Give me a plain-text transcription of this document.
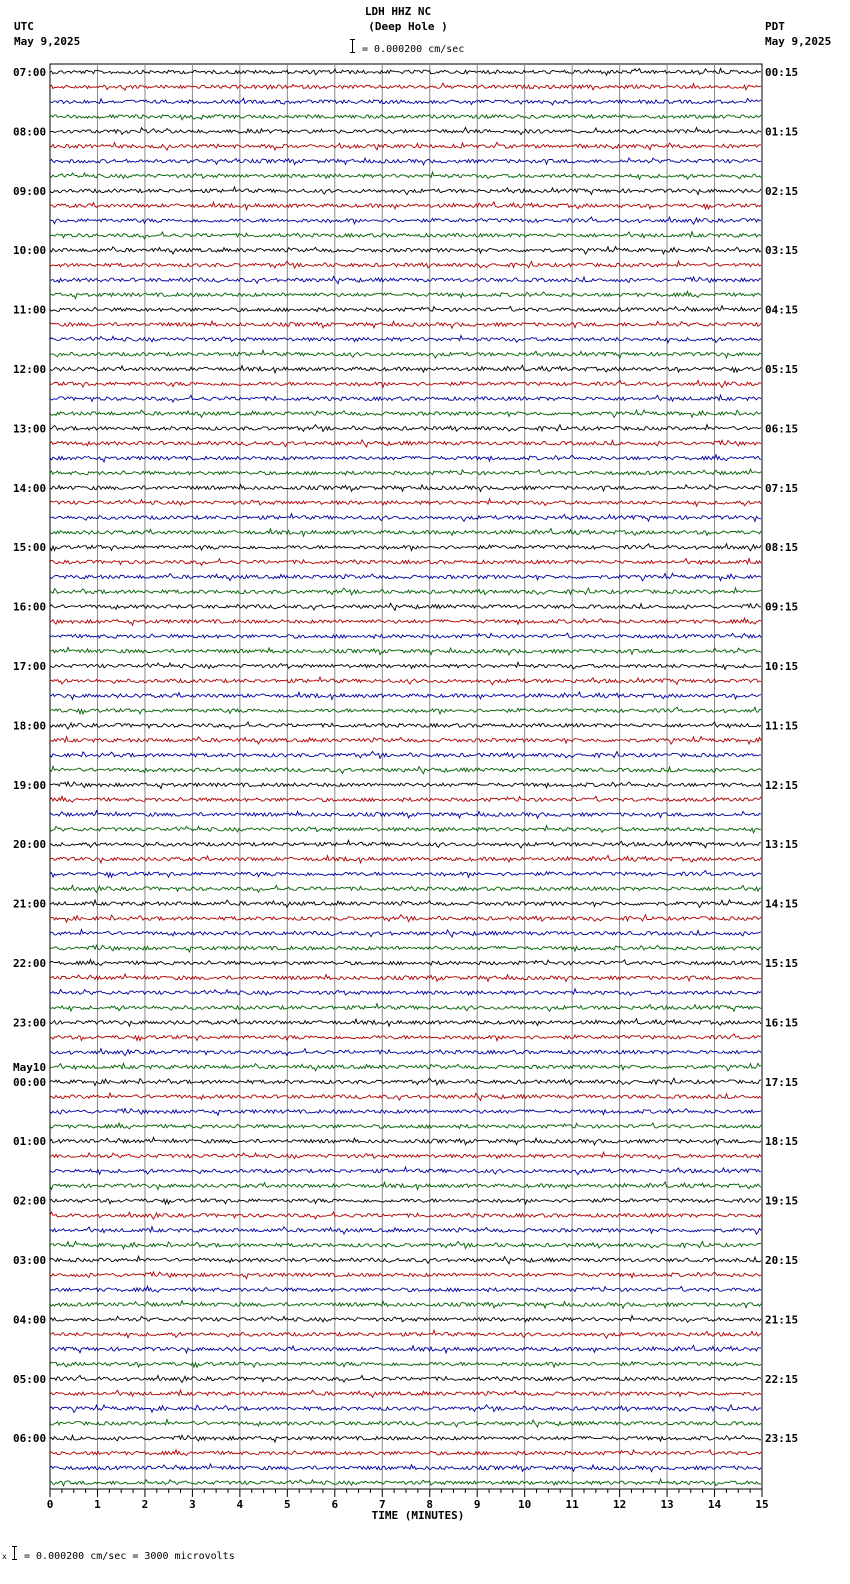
LDH HHZ NC
(Deep Hole )
UTC
May 9,2025
PDT
May 9,2025
= 0.000200 cm/sec
07:00
08:00
09:00
10:00
11:00
12:00
13:00
14:00
15:00
16:00
17:00
18:00
19:00
20:00
21:00
22:00
23:00
May10
00:00
01:00
02:00
03:00
04:00
05:00
06:00
00:15
01:15
02:15
03:15
04:15
05:15
06:15
07:15
08:15
09:15
10:15
11:15
12:15
13:15
14:15
15:15
16:15
17:15
18:15
19:15
20:15
21:15
22:15
23:15
0	1	2	3	4	5	6	7	8	9	10	11	12	13	14	15
TIME (MINUTES)
x = 0.000200 cm/sec = 3000 microvolts
